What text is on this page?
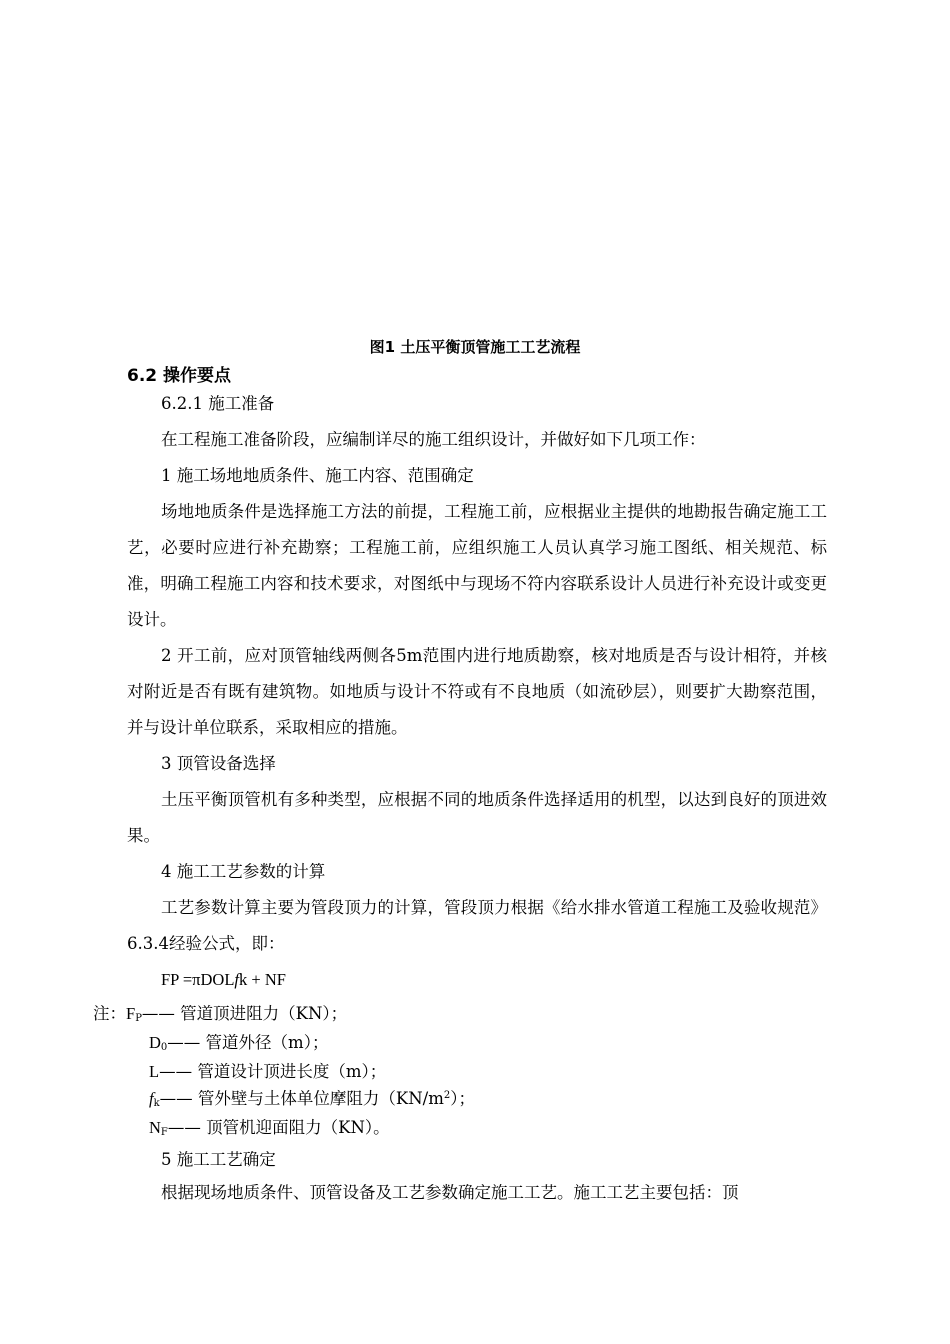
图1 土压平衡顶管施工工艺流程
6.2 操作要点

6.2.1 施工准备

在工程施工准备阶段，应编制详尽的施工组织设计，并做好如下几项工作：

1 施工场地地质条件、施工内容、范围确定

场地地质条件是选择施工方法的前提，工程施工前，应根据业主提供的地勘报告确定施工工艺，必要时应进行补充勘察；工程施工前，应组织施工人员认真学习施工图纸、相关规范、标准，明确工程施工内容和技术要求，对图纸中与现场不符内容联系设计人员进行补充设计或变更设计。

2 开工前，应对顶管轴线两侧各5m范围内进行地质勘察，核对地质是否与设计相符，并核对附近是否有既有建筑物。如地质与设计不符或有不良地质（如流砂层），则要扩大勘察范围，并与设计单位联系，采取相应的措施。

3 顶管设备选择

土压平衡顶管机有多种类型，应根据不同的地质条件选择适用的机型，以达到良好的顶进效果。

4 施工工艺参数的计算

工艺参数计算主要为管段顶力的计算，管段顶力根据《给水排水管道工程施工及验收规范》6.3.4经验公式，即：

FP =πDOLfk + NF

注：$F_P——$ 管道顶进阻力（KN）；

$D_0——$ 管道外径（m）；

L—— 管道设计顶进长度（m）；

$f_k——$ 管外壁与土体单位摩阻力$(KN/m^2)$；

$N_F——$ 顶管机迎面阻力（KN）。

5 施工工艺确定

根据现场地质条件、顶管设备及工艺参数确定施工工艺。施工工艺主要包括：顶
